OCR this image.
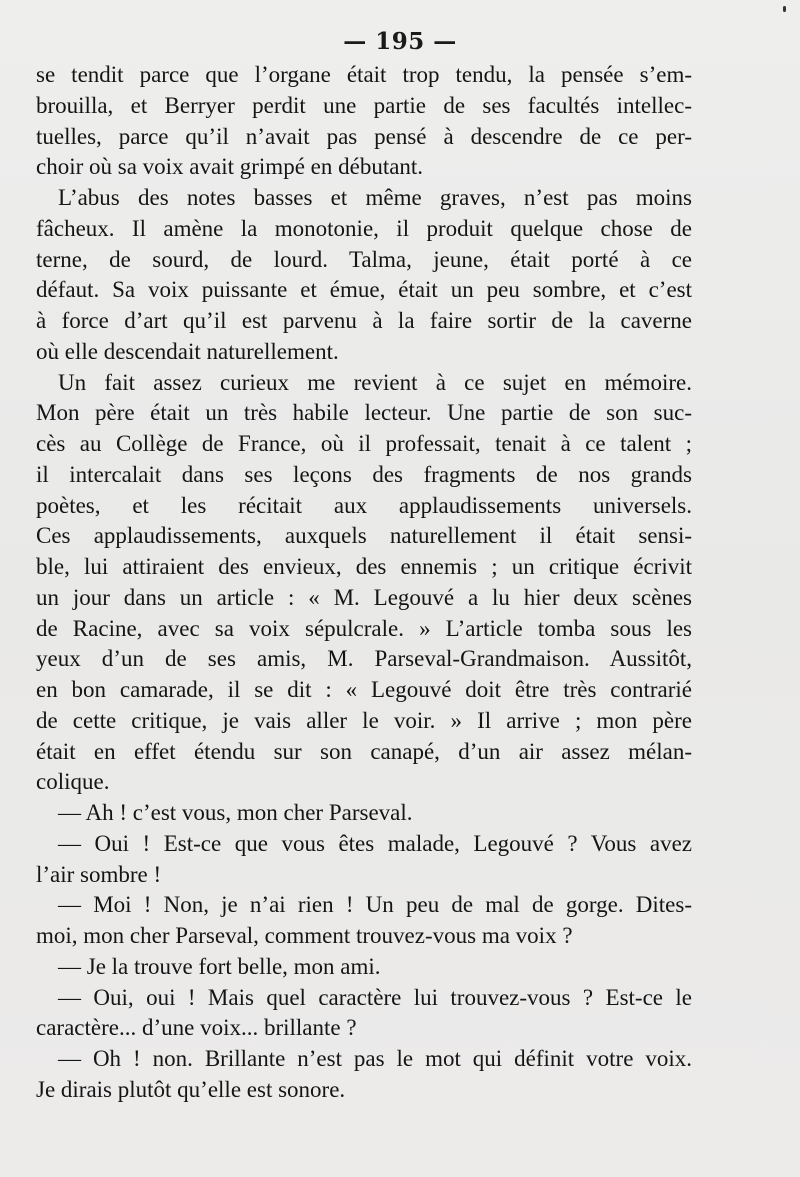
— 195 —
se tendit parce que l’organe était trop tendu, la pensée s’em-
brouilla, et Berryer perdit une partie de ses facultés intellec-
tuelles, parce qu’il n’avait pas pensé à descendre de ce per-
choir où sa voix avait grimpé en débutant.
L’abus des notes basses et même graves, n’est pas moins
fâcheux. Il amène la monotonie, il produit quelque chose de
terne, de sourd, de lourd. Talma, jeune, était porté à ce
défaut. Sa voix puissante et émue, était un peu sombre, et c’est
à force d’art qu’il est parvenu à la faire sortir de la caverne
où elle descendait naturellement.
Un fait assez curieux me revient à ce sujet en mémoire.
Mon père était un très habile lecteur. Une partie de son suc-
cès au Collège de France, où il professait, tenait à ce talent ;
il intercalait dans ses leçons des fragments de nos grands
poètes, et les récitait aux applaudissements universels.
Ces applaudissements, auxquels naturellement il était sensi-
ble, lui attiraient des envieux, des ennemis ; un critique écrivit
un jour dans un article : « M. Legouvé a lu hier deux scènes
de Racine, avec sa voix sépulcrale. » L’article tomba sous les
yeux d’un de ses amis, M. Parseval-Grandmaison. Aussitôt,
en bon camarade, il se dit : « Legouvé doit être très contrarié
de cette critique, je vais aller le voir. » Il arrive ; mon père
était en effet étendu sur son canapé, d’un air assez mélan-
colique.
— Ah ! c’est vous, mon cher Parseval.
— Oui ! Est-ce que vous êtes malade, Legouvé ? Vous avez
l’air sombre !
— Moi ! Non, je n’ai rien ! Un peu de mal de gorge. Dites-
moi, mon cher Parseval, comment trouvez-vous ma voix ?
— Je la trouve fort belle, mon ami.
— Oui, oui ! Mais quel caractère lui trouvez-vous ? Est-ce le
caractère... d’une voix... brillante ?
— Oh ! non. Brillante n’est pas le mot qui définit votre voix.
Je dirais plutôt qu’elle est sonore.
